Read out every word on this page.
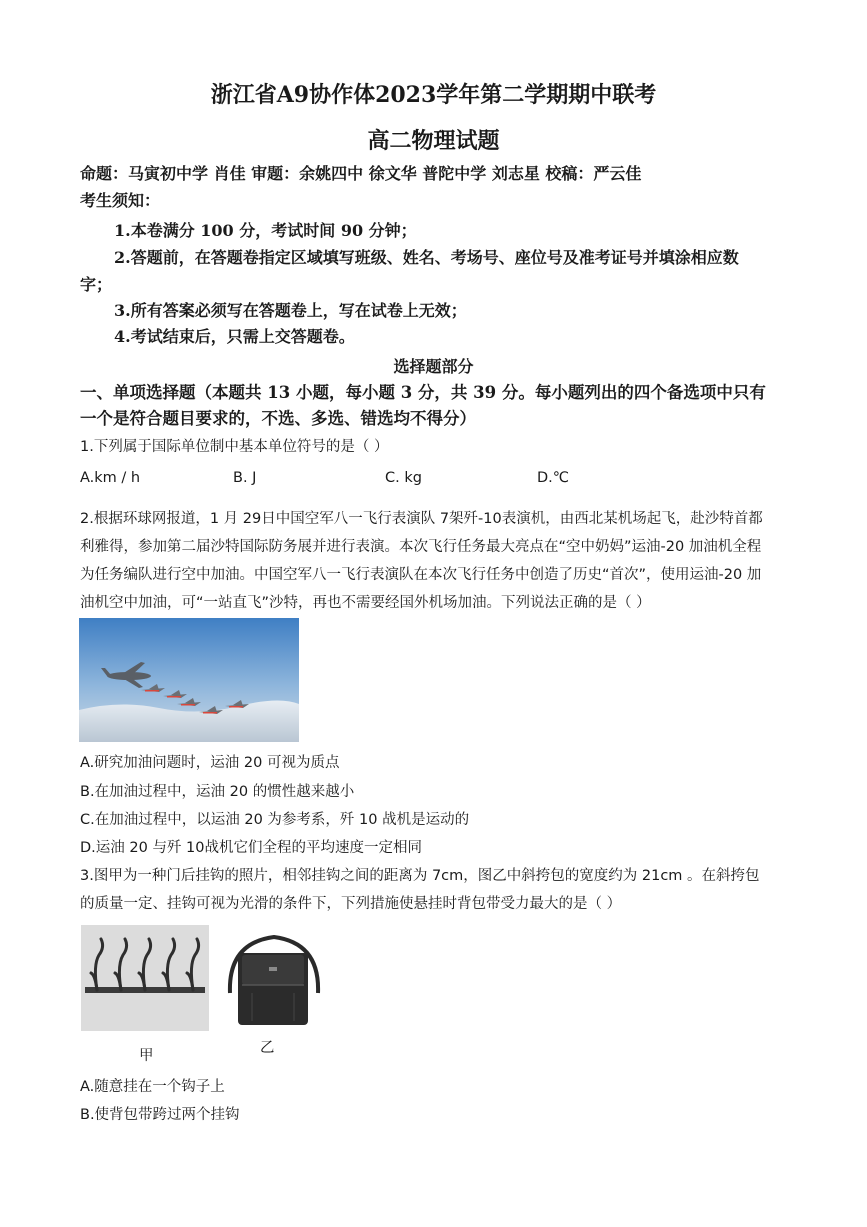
浙江省A9协作体2023学年第二学期期中联考
高二物理试题
命题：马寅初中学 肖佳 审题：余姚四中 徐文华 普陀中学 刘志星 校稿：严云佳
考生须知：
1.本卷满分 100 分，考试时间 90 分钟；
2.答题前，在答题卷指定区域填写班级、姓名、考场号、座位号及准考证号并填涂相应数
字；
3.所有答案必须写在答题卷上，写在试卷上无效；
4.考试结束后，只需上交答题卷。
选择题部分
一、单项选择题（本题共 13 小题，每小题 3 分，共 39 分。每小题列出的四个备选项中只有
一个是符合题目要求的，不选、多选、错选均不得分）
1.下列属于国际单位制中基本单位符号的是（ ）
A.km / h	B. J	C. kg	D.℃
2.根据环球网报道，1 月 29日中国空军八一飞行表演队 7架歼-10表演机，由西北某机场起飞，赴沙特首都
利雅得，参加第二届沙特国际防务展并进行表演。本次飞行任务最大亮点在“空中奶妈”运油-20 加油机全程
为任务编队进行空中加油。中国空军八一飞行表演队在本次飞行任务中创造了历史“首次”，使用运油-20 加
油机空中加油，可“一站直飞”沙特，再也不需要经国外机场加油。下列说法正确的是（ ）
A.研究加油问题时，运油 20 可视为质点
B.在加油过程中，运油 20 的惯性越来越小
C.在加油过程中，以运油 20 为参考系，歼 10 战机是运动的
D.运油 20 与歼 10战机它们全程的平均速度一定相同
3.图甲为一种门后挂钩的照片，相邻挂钩之间的距离为 7cm，图乙中斜挎包的宽度约为 21cm 。在斜挎包
的质量一定、挂钩可视为光滑的条件下，下列措施使悬挂时背包带受力最大的是（ ）
甲	乙
A.随意挂在一个钩子上
B.使背包带跨过两个挂钩
